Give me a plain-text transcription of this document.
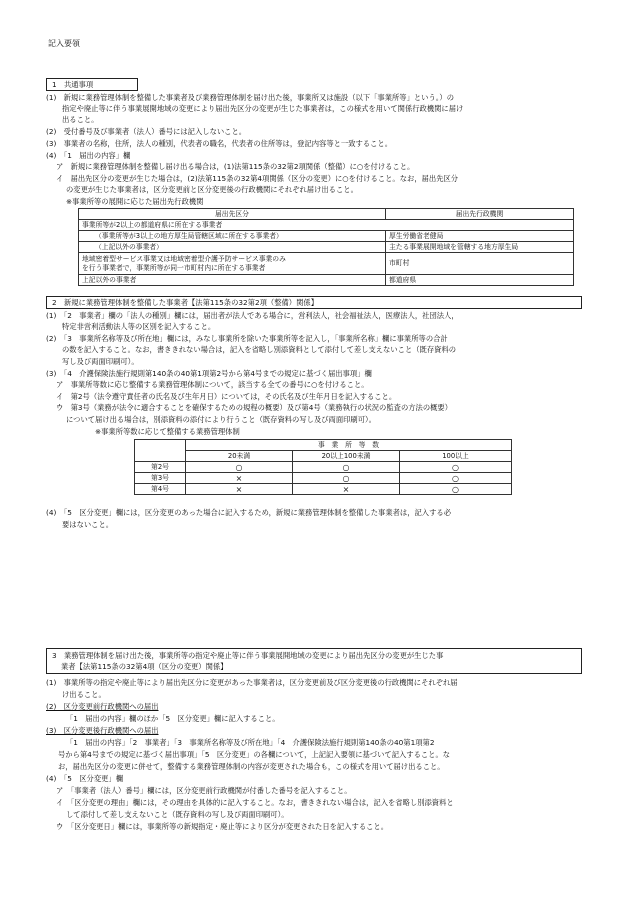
記入要領
1　共通事項
(1)　新規に業務管理体制を整備した事業者及び業務管理体制を届け出た後，事業所又は施設（以下「事業所等」という。）の
指定や廃止等に伴う事業展開地域の変更により届出先区分の変更が生じた事業者は，この様式を用いて関係行政機関に届け
出ること。
(2)　受付番号及び事業者（法人）番号には記入しないこと。
(3)　事業者の名称，住所，法人の種別，代表者の職名，代表者の住所等は，登記内容等と一致すること。
(4)　「1　届出の内容」欄
ア　新規に業務管理体制を整備し届け出る場合は，(1)法第115条の32第2項関係（整備）に○を付けること。
イ　届出先区分の変更が生じた場合は，(2)法第115条の32第4項関係（区分の変更）に○を付けること。なお，届出先区分
の変更が生じた事業者は，区分変更前と区分変更後の行政機関にそれぞれ届け出ること。
※事業所等の展開に応じた届出先行政機関
届出先区分	届出先行政機関
事業所等が2以上の都道府県に所在する事業者	
（事業所等が3以上の地方厚生局管轄区域に所在する事業者）	厚生労働省老健局
（上記以外の事業者）	主たる事業展開地域を管轄する地方厚生局

地域密着型サービス事業又は地域密着型介護予防サービス事業のみ
を行う事業者で，事業所等が同一市町村内に所在する事業者	市町村
上記以外の事業者	都道府県
2　新規に業務管理体制を整備した事業者【法第115条の32第2項（整備）関係】
(1)　「2　事業者」欄の「法人の種別」欄には，届出者が法人である場合に，営利法人，社会福祉法人，医療法人，社団法人，
特定非営利活動法人等の区別を記入すること。
(2)　「3　事業所名称等及び所在地」欄には，みなし事業所を除いた事業所等を記入し，「事業所名称」欄に事業所等の合計
の数を記入すること。なお，書ききれない場合は，記入を省略し別添資料として添付して差し支えないこと（既存資料の
写し及び両面印刷可）。
(3)　「4　介護保険法施行規則第140条の40第1項第2号から第4号までの規定に基づく届出事項」欄
ア　事業所等数に応じ整備する業務管理体制について，該当する全ての番号に○を付けること。
イ　第2号（法令遵守責任者の氏名及び生年月日）については，その氏名及び生年月日を記入すること。
ウ　第3号（業務が法令に適合することを確保するための規程の概要）及び第4号（業務執行の状況の監査の方法の概要）
について届け出る場合は，別添資料の添付により行うこと（既存資料の写し及び両面印刷可）。
※事業所等数に応じて整備する業務管理体制
	事　業　所　等　数		
	20未満	20以上100未満	100以上
第2号	○	○	○
第3号	×	○	○
第4号	×	×	○
(4)　「5　区分変更」欄には，区分変更のあった場合に記入するため，新規に業務管理体制を整備した事業者は，記入する必
要はないこと。
3　業務管理体制を届け出た後，事業所等の指定や廃止等に伴う事業展開地域の変更により届出先区分の変更が生じた事
業者【法第115条の32第4項（区分の変更）関係】
(1)　事業所等の指定や廃止等により届出先区分に変更があった事業者は，区分変更前及び区分変更後の行政機関にそれぞれ届
け出ること。
(2)　区分変更前行政機関への届出
「1　届出の内容」欄のほか「5　区分変更」欄に記入すること。
(3)　区分変更後行政機関への届出
「1　届出の内容」「2　事業者」「3　事業所名称等及び所在地」「4　介護保険法施行規則第140条の40第1項第2
号から第4号までの規定に基づく届出事項」「5　区分変更」の各欄について，上記記入要領に基づいて記入すること。な
お，届出先区分の変更に併せて，整備する業務管理体制の内容が変更された場合も，この様式を用いて届け出ること。
(4)　「5　区分変更」欄
ア　「事業者（法人）番号」欄には，区分変更前行政機関が付番した番号を記入すること。
イ　「区分変更の理由」欄には，その理由を具体的に記入すること。なお，書ききれない場合は，記入を省略し別添資料と
して添付して差し支えないこと（既存資料の写し及び両面印刷可）。
ウ　「区分変更日」欄には，事業所等の新規指定・廃止等により区分が変更された日を記入すること。
